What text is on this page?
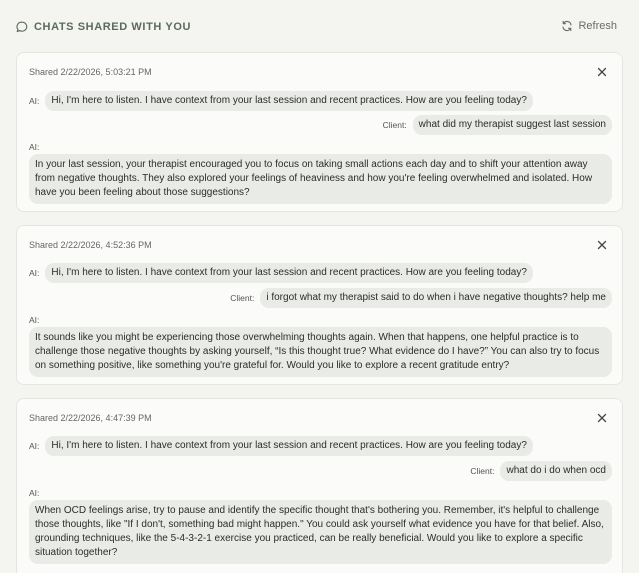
CHATS SHARED WITH YOU	Refresh
Shared 2/22/2026, 5:03:21 PM
AI:	Hi, I'm here to listen. I have context from your last session and recent practices. How are you feeling today?
Client:	what did my therapist suggest last session
AI:
In your last session, your therapist encouraged you to focus on taking small actions each day and to shift your attention away from negative thoughts. They also explored your feelings of heaviness and how you're feeling overwhelmed and isolated. How have you been feeling about those suggestions?
Shared 2/22/2026, 4:52:36 PM
AI:	Hi, I'm here to listen. I have context from your last session and recent practices. How are you feeling today?
Client:	i forgot what my therapist said to do when i have negative thoughts? help me
AI:
It sounds like you might be experiencing those overwhelming thoughts again. When that happens, one helpful practice is to challenge those negative thoughts by asking yourself, “Is this thought true? What evidence do I have?” You can also try to focus on something positive, like something you're grateful for. Would you like to explore a recent gratitude entry?
Shared 2/22/2026, 4:47:39 PM
AI:	Hi, I'm here to listen. I have context from your last session and recent practices. How are you feeling today?
Client:	what do i do when ocd
AI:
When OCD feelings arise, try to pause and identify the specific thought that's bothering you. Remember, it's helpful to challenge those thoughts, like "If I don't, something bad might happen." You could ask yourself what evidence you have for that belief. Also, grounding techniques, like the 5-4-3-2-1 exercise you practiced, can be really beneficial. Would you like to explore a specific situation together?
